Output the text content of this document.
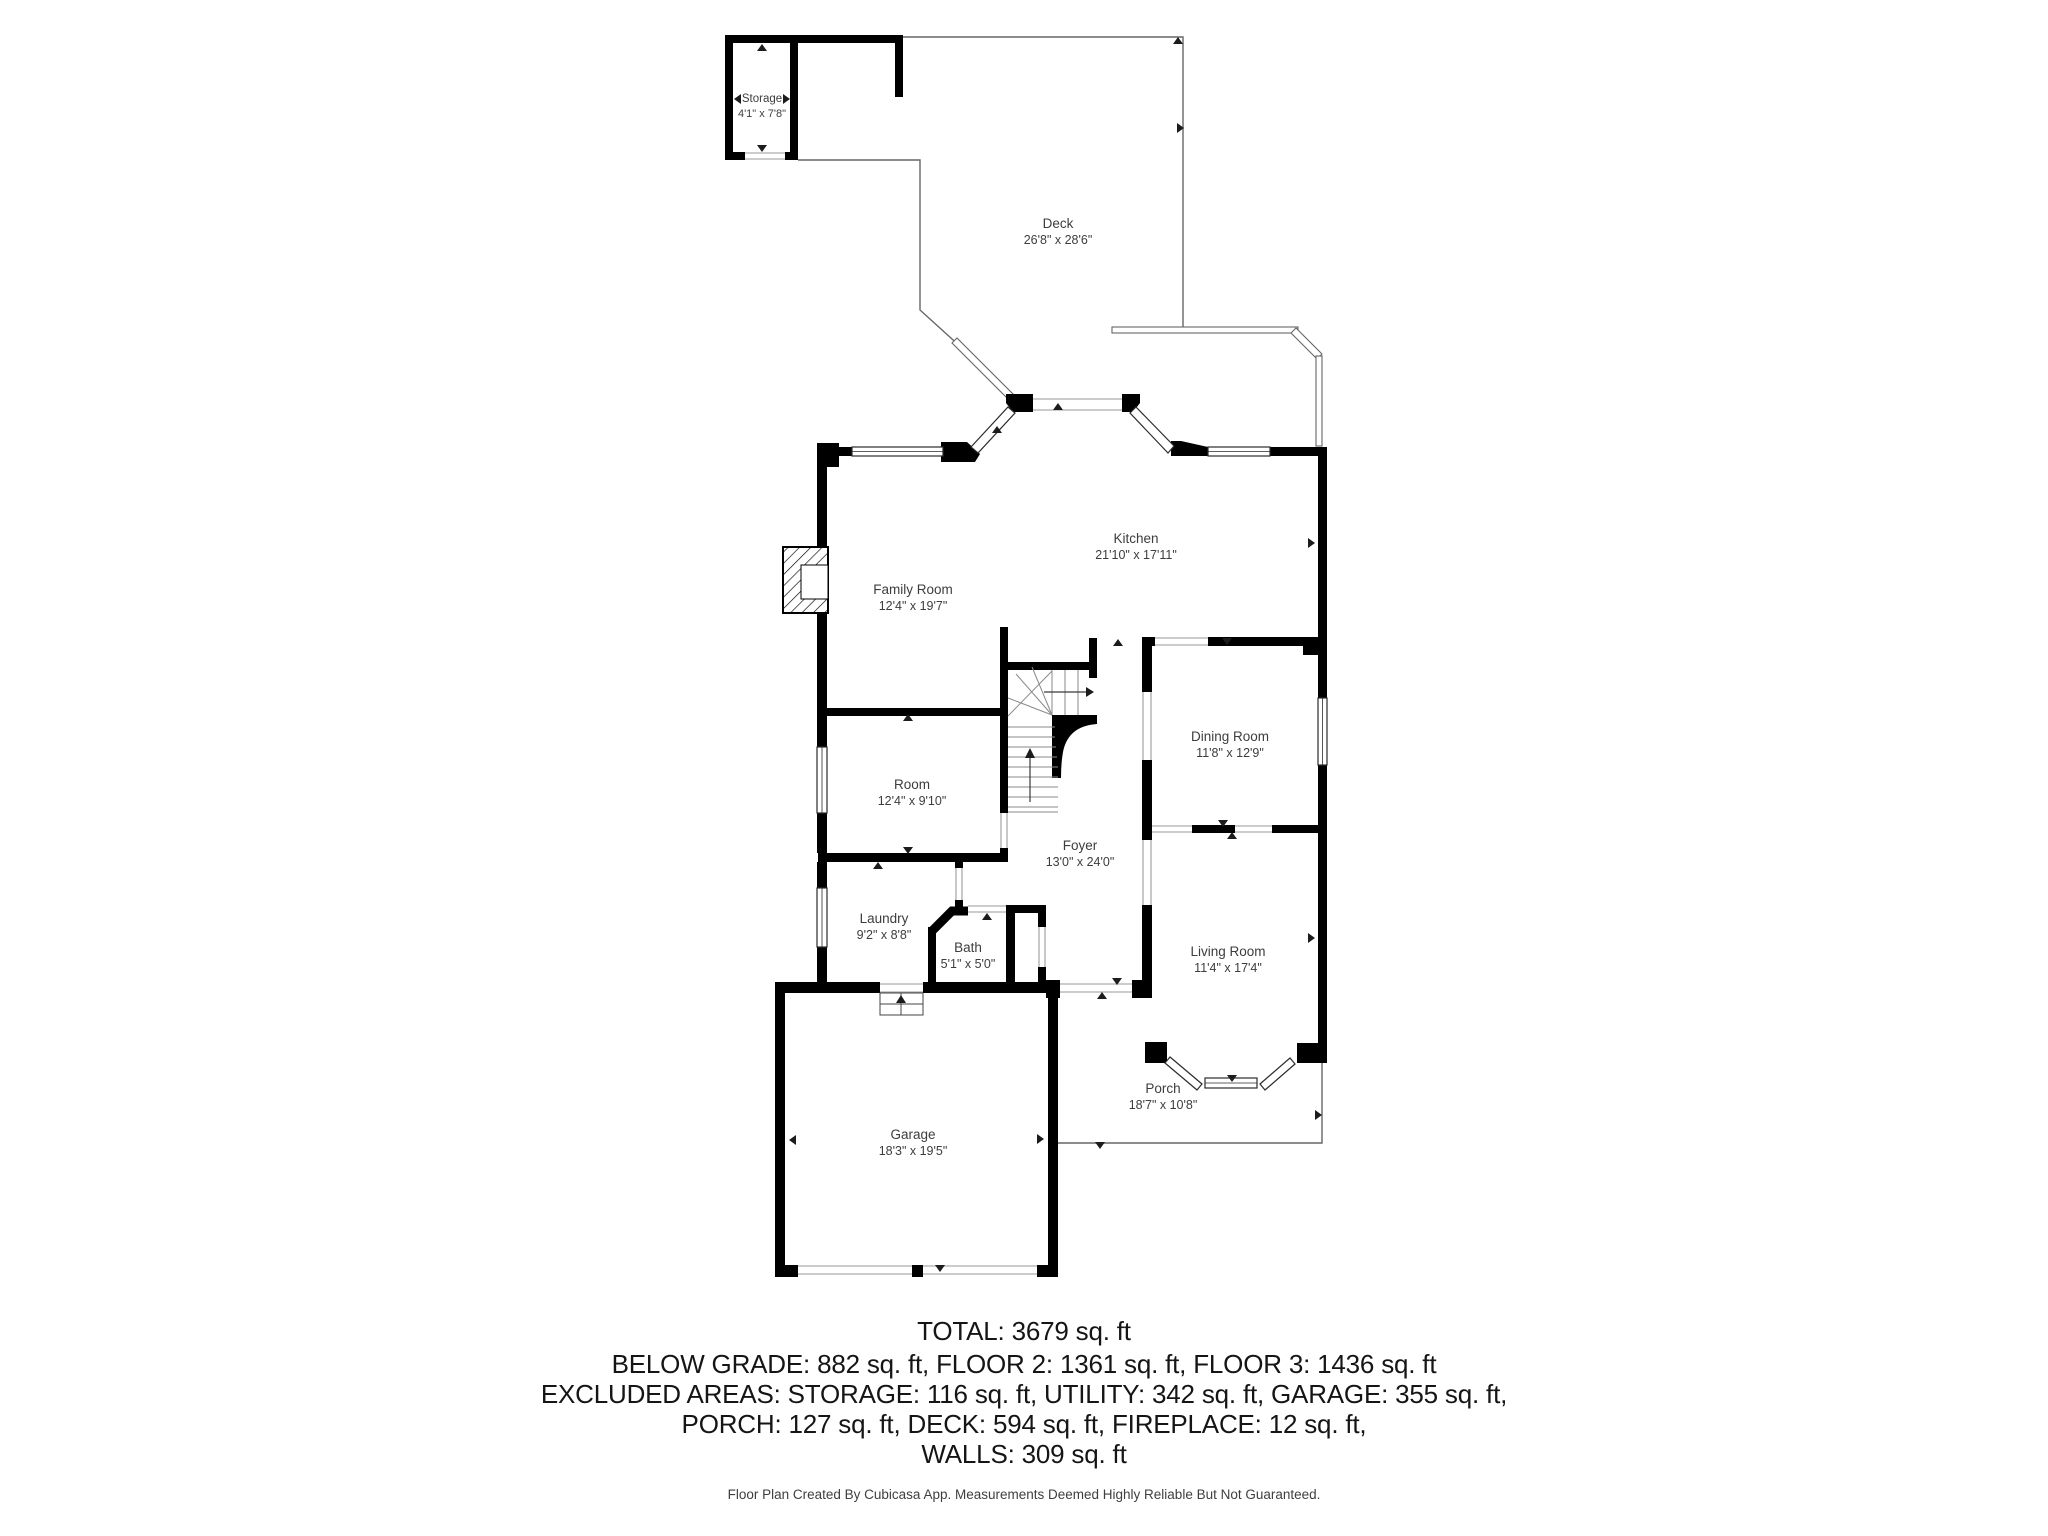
Storage
4'1" x 7'8"
Deck
26'8" x 28'6"
Kitchen
21'10" x 17'11"
Family Room
12'4" x 19'7"
Dining Room
11'8" x 12'9"
Room
12'4" x 9'10"
Foyer
13'0" x 24'0"
Laundry
9'2" x 8'8"
Bath
5'1" x 5'0"
Living Room
11'4" x 17'4"
Porch
18'7" x 10'8"
Garage
18'3" x 19'5"
TOTAL: 3679 sq. ft
BELOW GRADE: 882 sq. ft, FLOOR 2: 1361 sq. ft, FLOOR 3: 1436 sq. ft
EXCLUDED AREAS: STORAGE: 116 sq. ft, UTILITY: 342 sq. ft, GARAGE: 355 sq. ft,
PORCH: 127 sq. ft, DECK: 594 sq. ft, FIREPLACE: 12 sq. ft,
WALLS: 309 sq. ft
Floor Plan Created By Cubicasa App. Measurements Deemed Highly Reliable But Not Guaranteed.
